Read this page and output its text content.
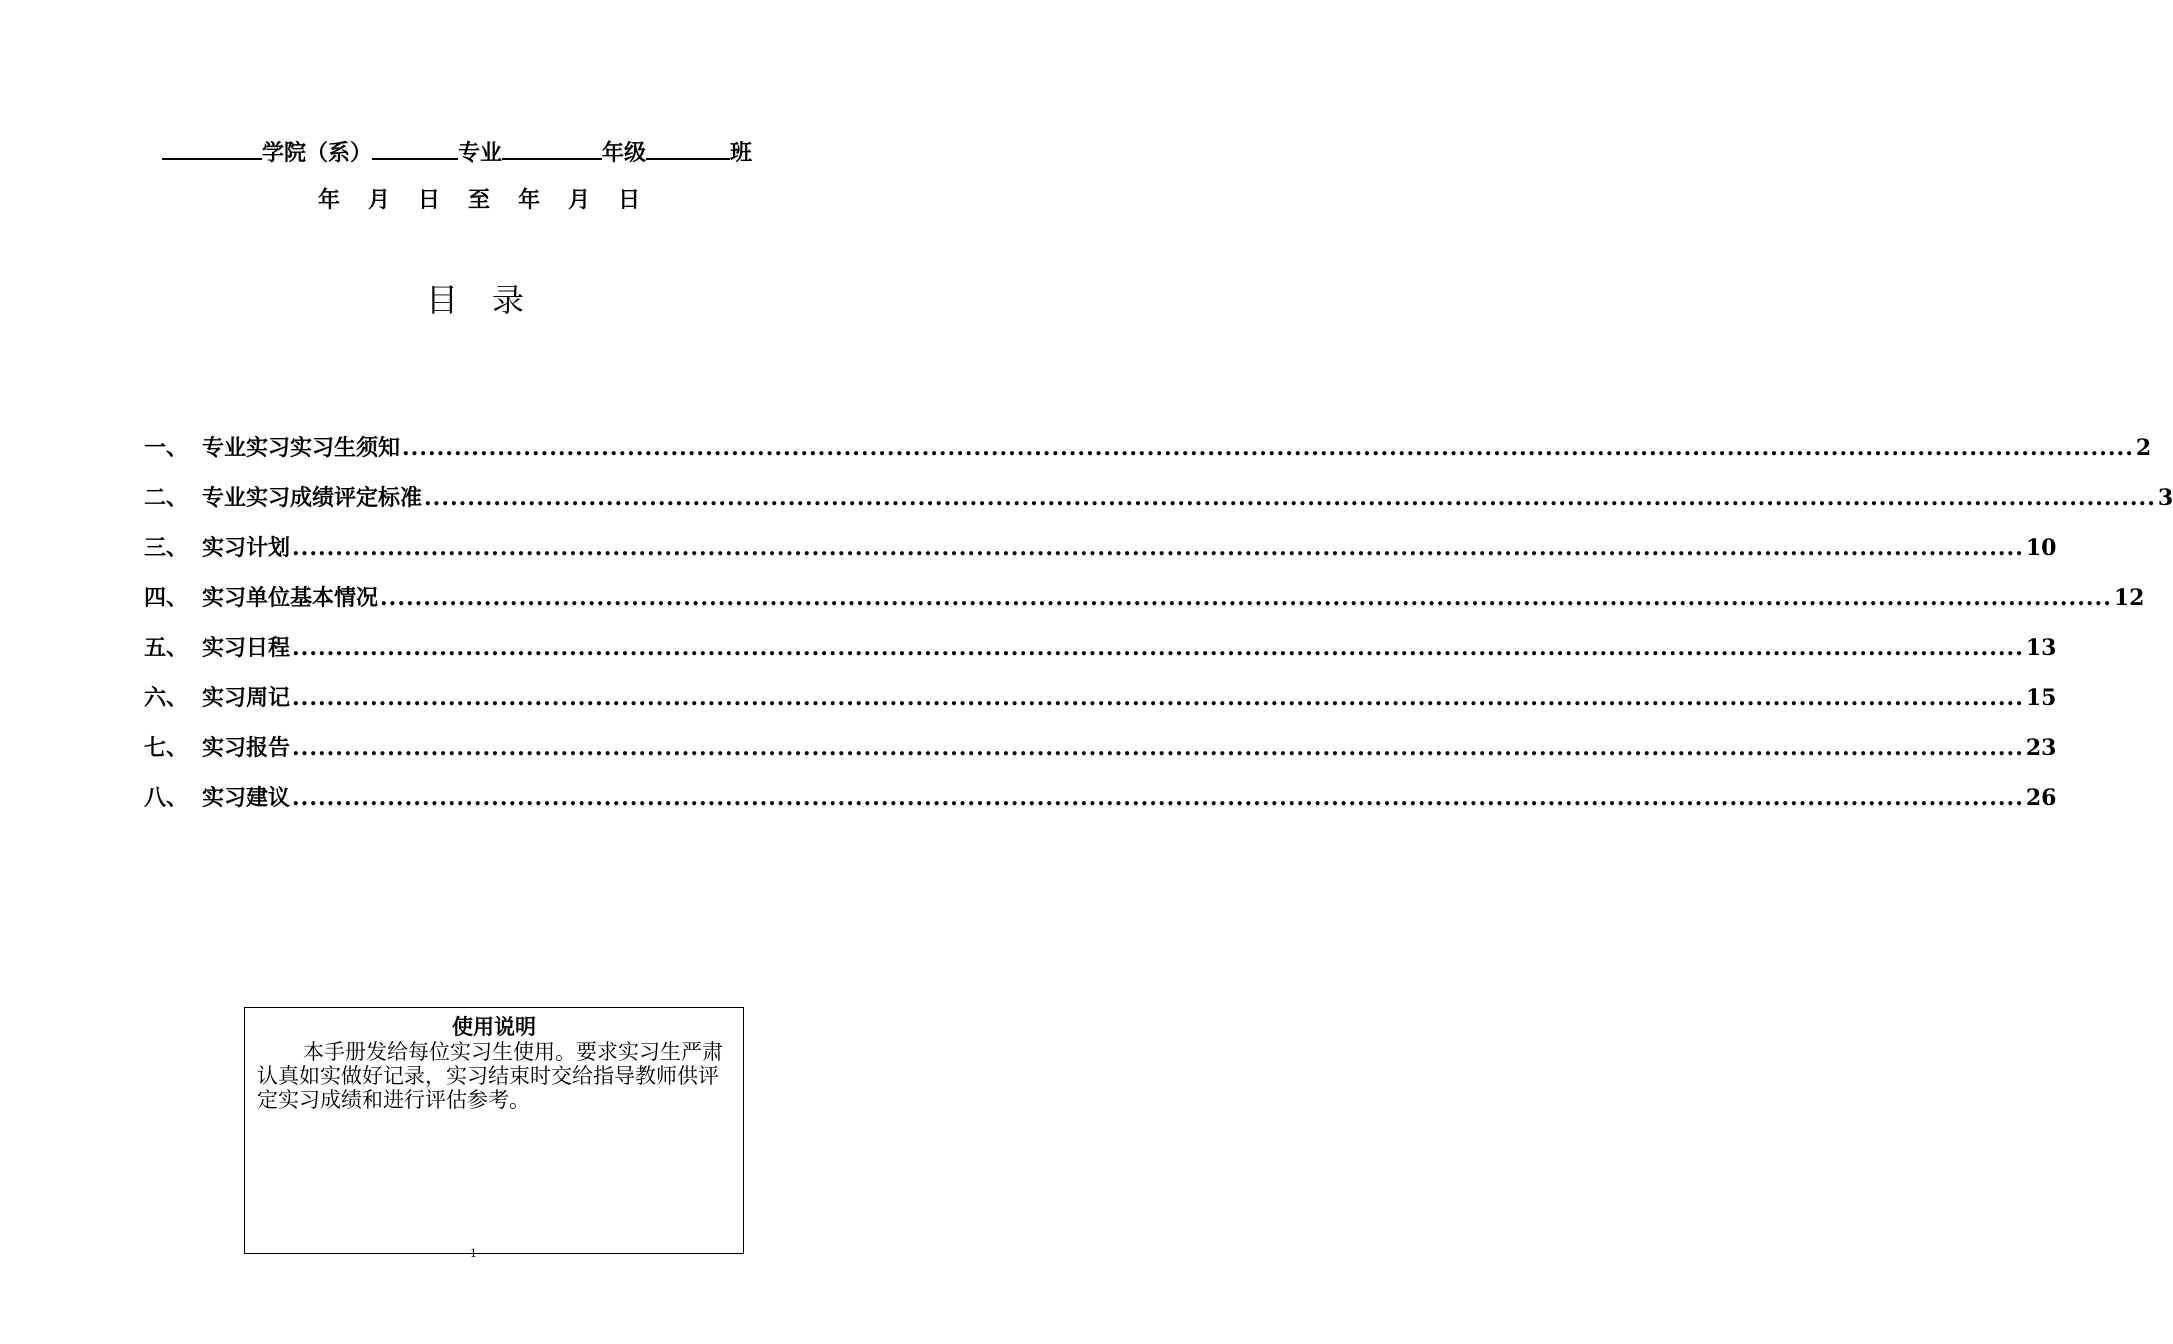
学院（系）	专业	年级	班
年 月 日 至 年 月 日
目录
一、 专业实习实习生须知 ........................................................................................................................................................................................................ 2
二、 专业实习成绩评定标准 ........................................................................................................................................................................................................ 3
三、 实习计划 ........................................................................................................................................................................................................ 10
四、 实习单位基本情况 ........................................................................................................................................................................................................ 12
五、 实习日程 ........................................................................................................................................................................................................ 13
六、 实习周记 ........................................................................................................................................................................................................ 15
七、 实习报告 ........................................................................................................................................................................................................ 23
八、 实习建议 ........................................................................................................................................................................................................ 26
使用说明

本手册发给每位实习生使用。要求实习生严肃认真如实做好记录，实习结束时交给指导教师供评定实习成绩和进行评估参考。

1
